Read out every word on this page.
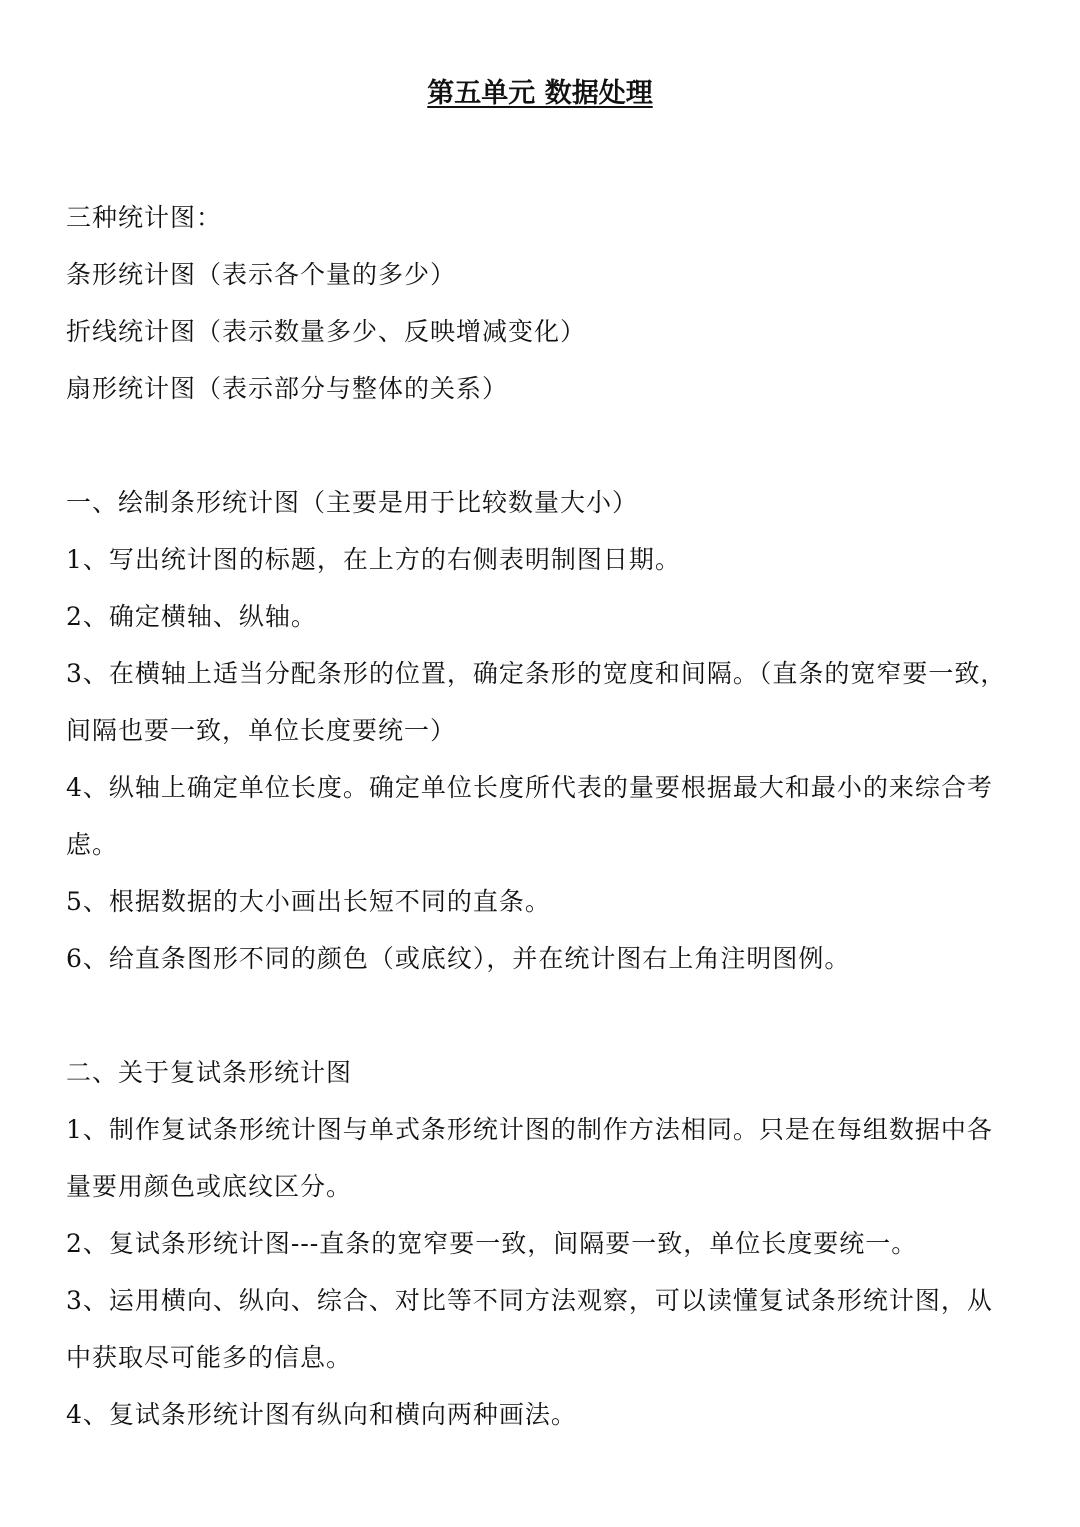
第五单元 数据处理
三种统计图：
条形统计图（表示各个量的多少）
折线统计图（表示数量多少、反映增减变化）
扇形统计图（表示部分与整体的关系）
一、绘制条形统计图（主要是用于比较数量大小）
1、写出统计图的标题，在上方的右侧表明制图日期。
2、确定横轴、纵轴。
3、在横轴上适当分配条形的位置，确定条形的宽度和间隔。（直条的宽窄要一致，
间隔也要一致，单位长度要统一）
4、纵轴上确定单位长度。确定单位长度所代表的量要根据最大和最小的来综合考
虑。
5、根据数据的大小画出长短不同的直条。
6、给直条图形不同的颜色（或底纹），并在统计图右上角注明图例。
二、关于复试条形统计图
1、制作复试条形统计图与单式条形统计图的制作方法相同。只是在每组数据中各
量要用颜色或底纹区分。
2、复试条形统计图---直条的宽窄要一致，间隔要一致，单位长度要统一。
3、运用横向、纵向、综合、对比等不同方法观察，可以读懂复试条形统计图，从
中获取尽可能多的信息。
4、复试条形统计图有纵向和横向两种画法。
